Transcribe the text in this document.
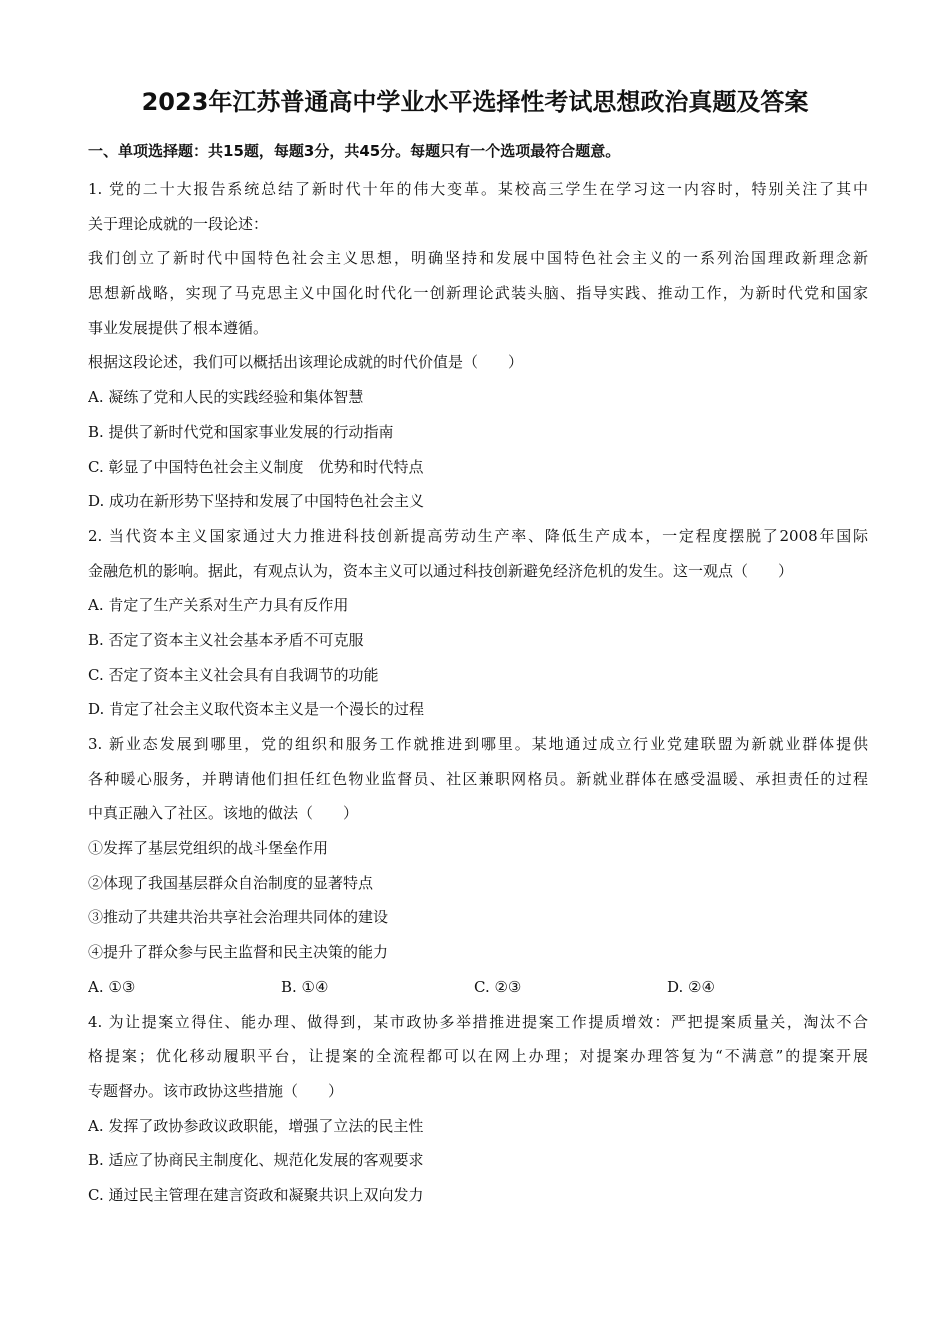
2023年江苏普通高中学业水平选择性考试思想政治真题及答案
一、单项选择题：共15题，每题3分，共45分。每题只有一个选项最符合题意。
1. 党的二十大报告系统总结了新时代十年的伟大变革。某校高三学生在学习这一内容时，特别关注了其中
关于理论成就的一段论述：
我们创立了新时代中国特色社会主义思想，明确坚持和发展中国特色社会主义的一系列治国理政新理念新
思想新战略，实现了马克思主义中国化时代化一创新理论武装头脑、指导实践、推动工作，为新时代党和国家
事业发展提供了根本遵循。
根据这段论述，我们可以概括出该理论成就的时代价值是（　　）
A. 凝练了党和人民的实践经验和集体智慧
B. 提供了新时代党和国家事业发展的行动指南
C. 彰显了中国特色社会主义制度　优势和时代特点
D. 成功在新形势下坚持和发展了中国特色社会主义
2. 当代资本主义国家通过大力推进科技创新提高劳动生产率、降低生产成本，一定程度摆脱了2008年国际
金融危机的影响。据此，有观点认为，资本主义可以通过科技创新避免经济危机的发生。这一观点（　　）
A. 肯定了生产关系对生产力具有反作用
B. 否定了资本主义社会基本矛盾不可克服
C. 否定了资本主义社会具有自我调节的功能
D. 肯定了社会主义取代资本主义是一个漫长的过程
3. 新业态发展到哪里，党的组织和服务工作就推进到哪里。某地通过成立行业党建联盟为新就业群体提供
各种暖心服务，并聘请他们担任红色物业监督员、社区兼职网格员。新就业群体在感受温暖、承担责任的过程
中真正融入了社区。该地的做法（　　）
①发挥了基层党组织的战斗堡垒作用
②体现了我国基层群众自治制度的显著特点
③推动了共建共治共享社会治理共同体的建设
④提升了群众参与民主监督和民主决策的能力
A. ①③	B. ①④	C. ②③	D. ②④
4. 为让提案立得住、能办理、做得到，某市政协多举措推进提案工作提质增效：严把提案质量关，淘汰不合
格提案；优化移动履职平台，让提案的全流程都可以在网上办理；对提案办理答复为“不满意”的提案开展
专题督办。该市政协这些措施（　　）
A. 发挥了政协参政议政职能，增强了立法的民主性
B. 适应了协商民主制度化、规范化发展的客观要求
C. 通过民主管理在建言资政和凝聚共识上双向发力
